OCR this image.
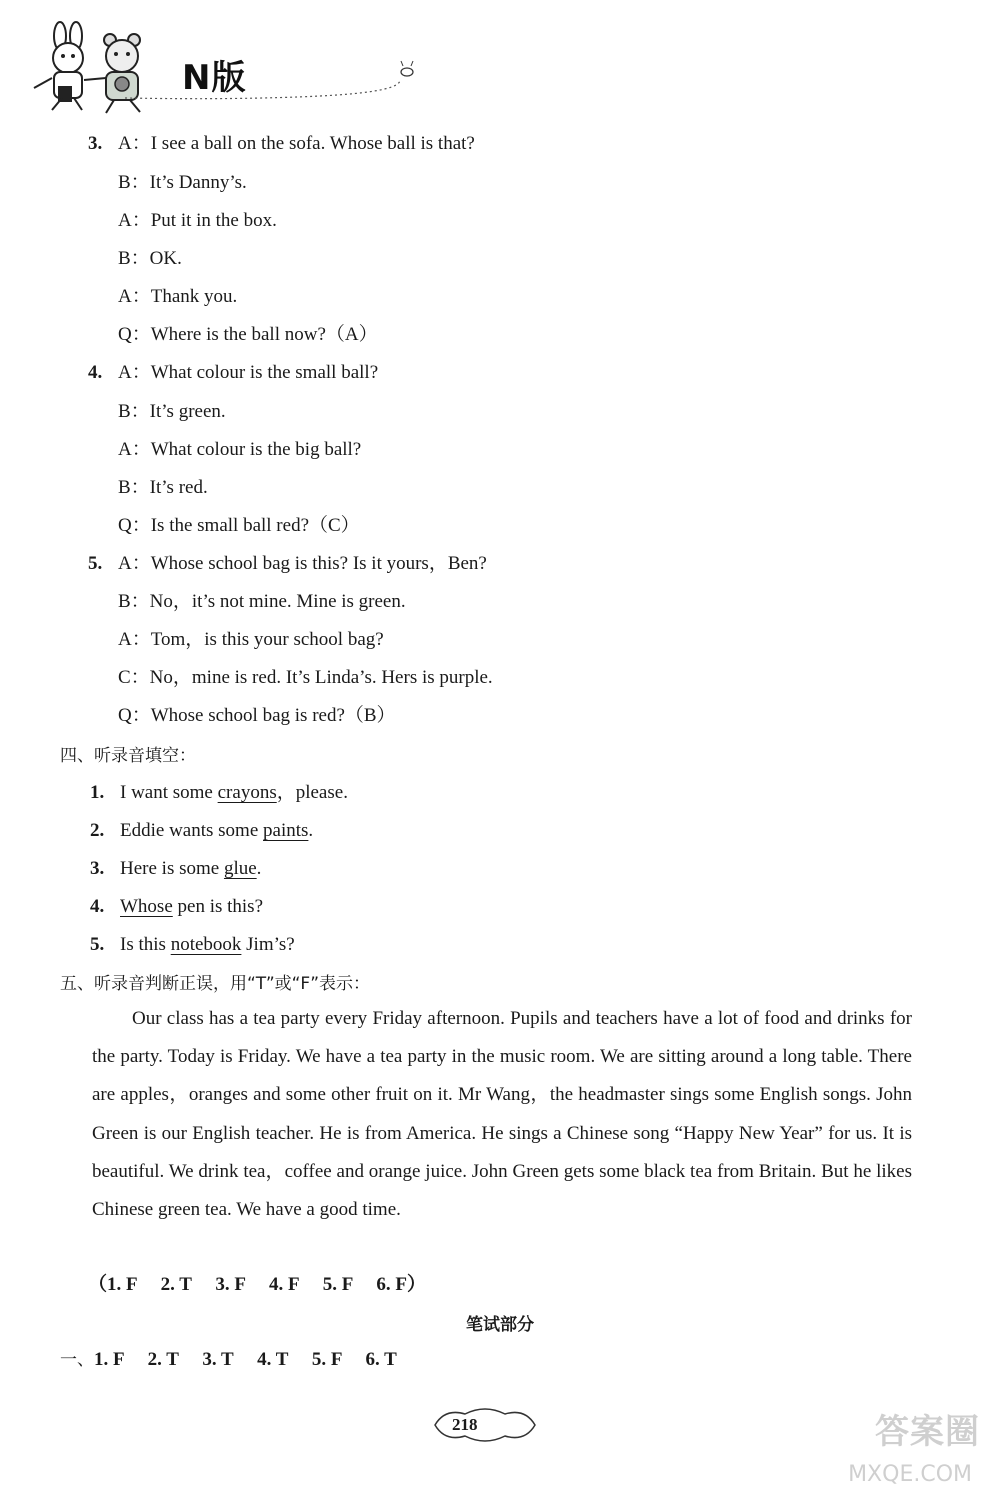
N版
3. A：I see a ball on the sofa. Whose ball is that?
B：It’s Danny’s.
A：Put it in the box.
B：OK.
A：Thank you.
Q：Where is the ball now?（A）
4. A：What colour is the small ball?
B：It’s green.
A：What colour is the big ball?
B：It’s red.
Q：Is the small ball red?（C）
5. A：Whose school bag is this? Is it yours，Ben?
B：No，it’s not mine. Mine is green.
A：Tom，is this your school bag?
C：No，mine is red. It’s Linda’s. Hers is purple.
Q：Whose school bag is red?（B）
四、听录音填空：
1. I want some crayons，please.
2. Eddie wants some paints.
3. Here is some glue.
4. Whose pen is this?
5. Is this notebook Jim’s?
五、听录音判断正误，用“T”或“F”表示：
Our class has a tea party every Friday afternoon. Pupils and teachers have a lot of food and drinks for the party. Today is Friday. We have a tea party in the music room. We are sitting around a long table. There are apples，oranges and some other fruit on it. Mr Wang，the headmaster sings some English songs. John Green is our English teacher. He is from America. He sings a Chinese song “Happy New Year” for us. It is beautiful. We drink tea，coffee and orange juice. John Green gets some black tea from Britain. But he likes Chinese green tea. We have a good time.
（1. F　 2. T　 3. F　 4. F　 5. F　 6. F）
笔试部分
一、1. F　 2. T　 3. T　 4. T　 5. F　 6. T
218	答案圈
MXQE.COM
